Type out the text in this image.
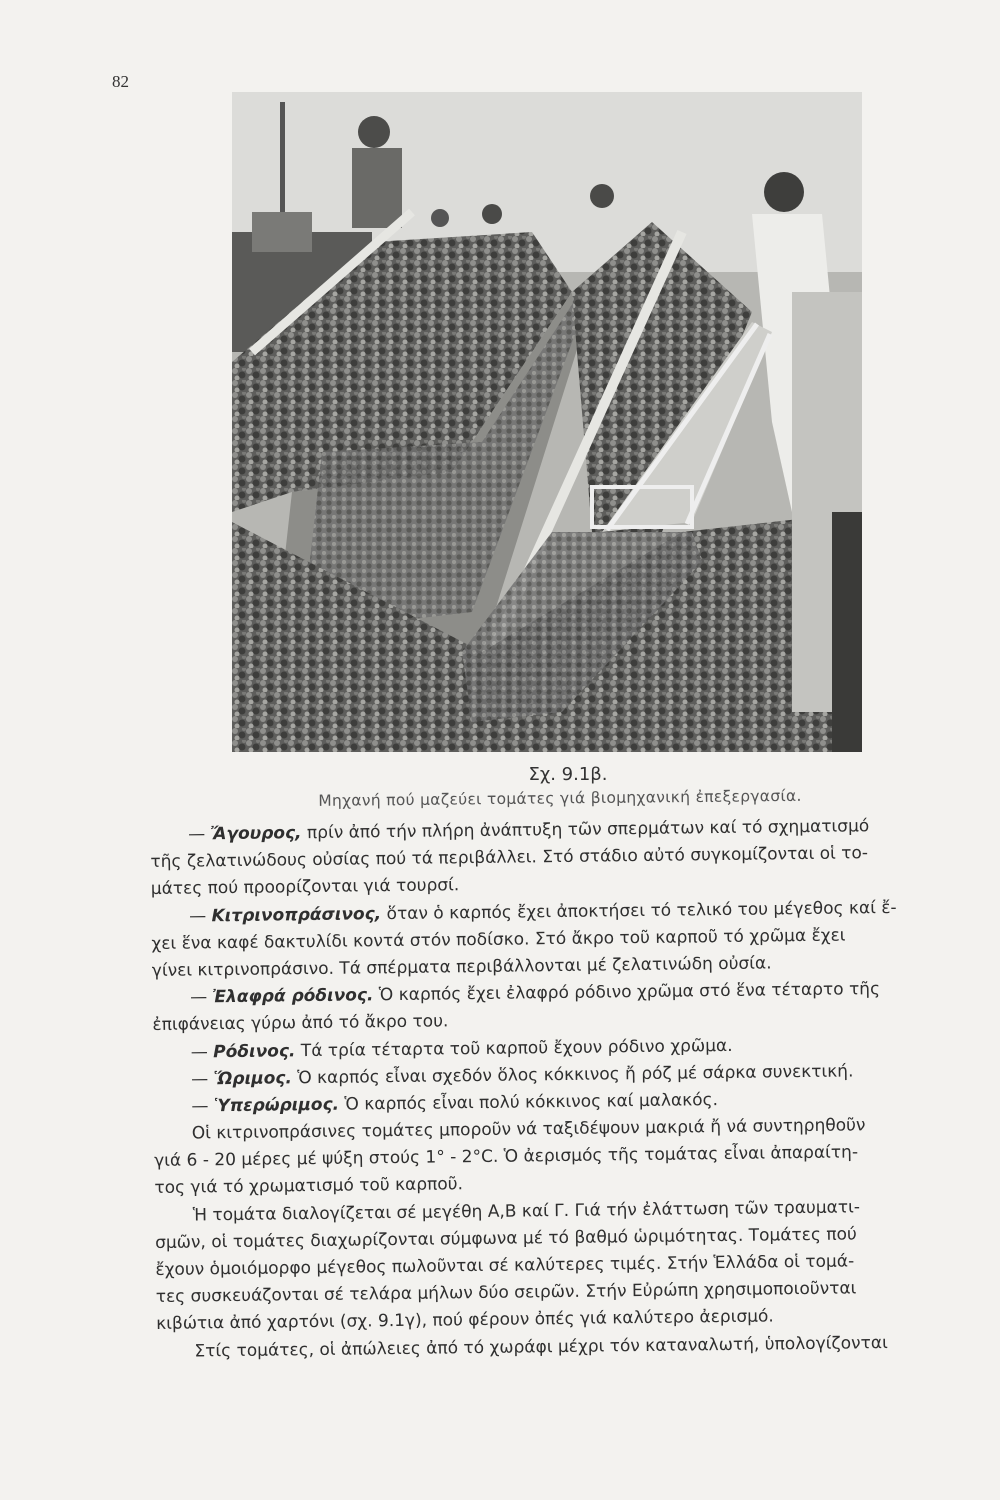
82
Σχ. 9.1β.
Μηχανή πού μαζεύει τομάτες γιά βιομηχανική ἐπεξεργασία.
— Ἄγουρος, πρίν ἀπό τήν πλήρη ἀνάπτυξη τῶν σπερμάτων καί τό σχηματισμό
τῆς ζελατινώδους οὐσίας πού τά περιβάλλει. Στό στάδιο αὐτό συγκομίζονται οἱ το-
μάτες πού προορίζονται γιά τουρσί.
— Κιτρινοπράσινος, ὅταν ὁ καρπός ἔχει ἀποκτήσει τό τελικό του μέγεθος καί ἔ-
χει ἕνα καφέ δακτυλίδι κοντά στόν ποδίσκο. Στό ἄκρο τοῦ καρποῦ τό χρῶμα ἔχει
γίνει κιτρινοπράσινο. Τά σπέρματα περιβάλλονται μέ ζελατινώδη οὐσία.
— Ἐλαφρά ρόδινος. Ὁ καρπός ἔχει ἐλαφρό ρόδινο χρῶμα στό ἕνα τέταρτο τῆς
ἐπιφάνειας γύρω ἀπό τό ἄκρο του.
— Ρόδινος. Τά τρία τέταρτα τοῦ καρποῦ ἔχουν ρόδινο χρῶμα.
— Ὥριμος. Ὁ καρπός εἶναι σχεδόν ὅλος κόκκινος ἤ ρόζ μέ σάρκα συνεκτική.
— Ὑπερώριμος. Ὁ καρπός εἶναι πολύ κόκκινος καί μαλακός.
Οἱ κιτρινοπράσινες τομάτες μποροῦν νά ταξιδέψουν μακριά ἤ νά συντηρηθοῦν
γιά 6 - 20 μέρες μέ ψύξη στούς 1° - 2°C. Ὁ ἀερισμός τῆς τομάτας εἶναι ἀπαραίτη-
τος γιά τό χρωματισμό τοῦ καρποῦ.
Ἡ τομάτα διαλογίζεται σέ μεγέθη Α,Β καί Γ. Γιά τήν ἐλάττωση τῶν τραυματι-
σμῶν, οἱ τομάτες διαχωρίζονται σύμφωνα μέ τό βαθμό ὡριμότητας. Τομάτες πού
ἔχουν ὁμοιόμορφο μέγεθος πωλοῦνται σέ καλύτερες τιμές. Στήν Ἑλλάδα οἱ τομά-
τες συσκευάζονται σέ τελάρα μήλων δύο σειρῶν. Στήν Εὐρώπη χρησιμοποιοῦνται
κιβώτια ἀπό χαρτόνι (σχ. 9.1γ), πού φέρουν ὀπές γιά καλύτερο ἀερισμό.
Στίς τομάτες, οἱ ἀπώλειες ἀπό τό χωράφι μέχρι τόν καταναλωτή, ὑπολογίζονται
